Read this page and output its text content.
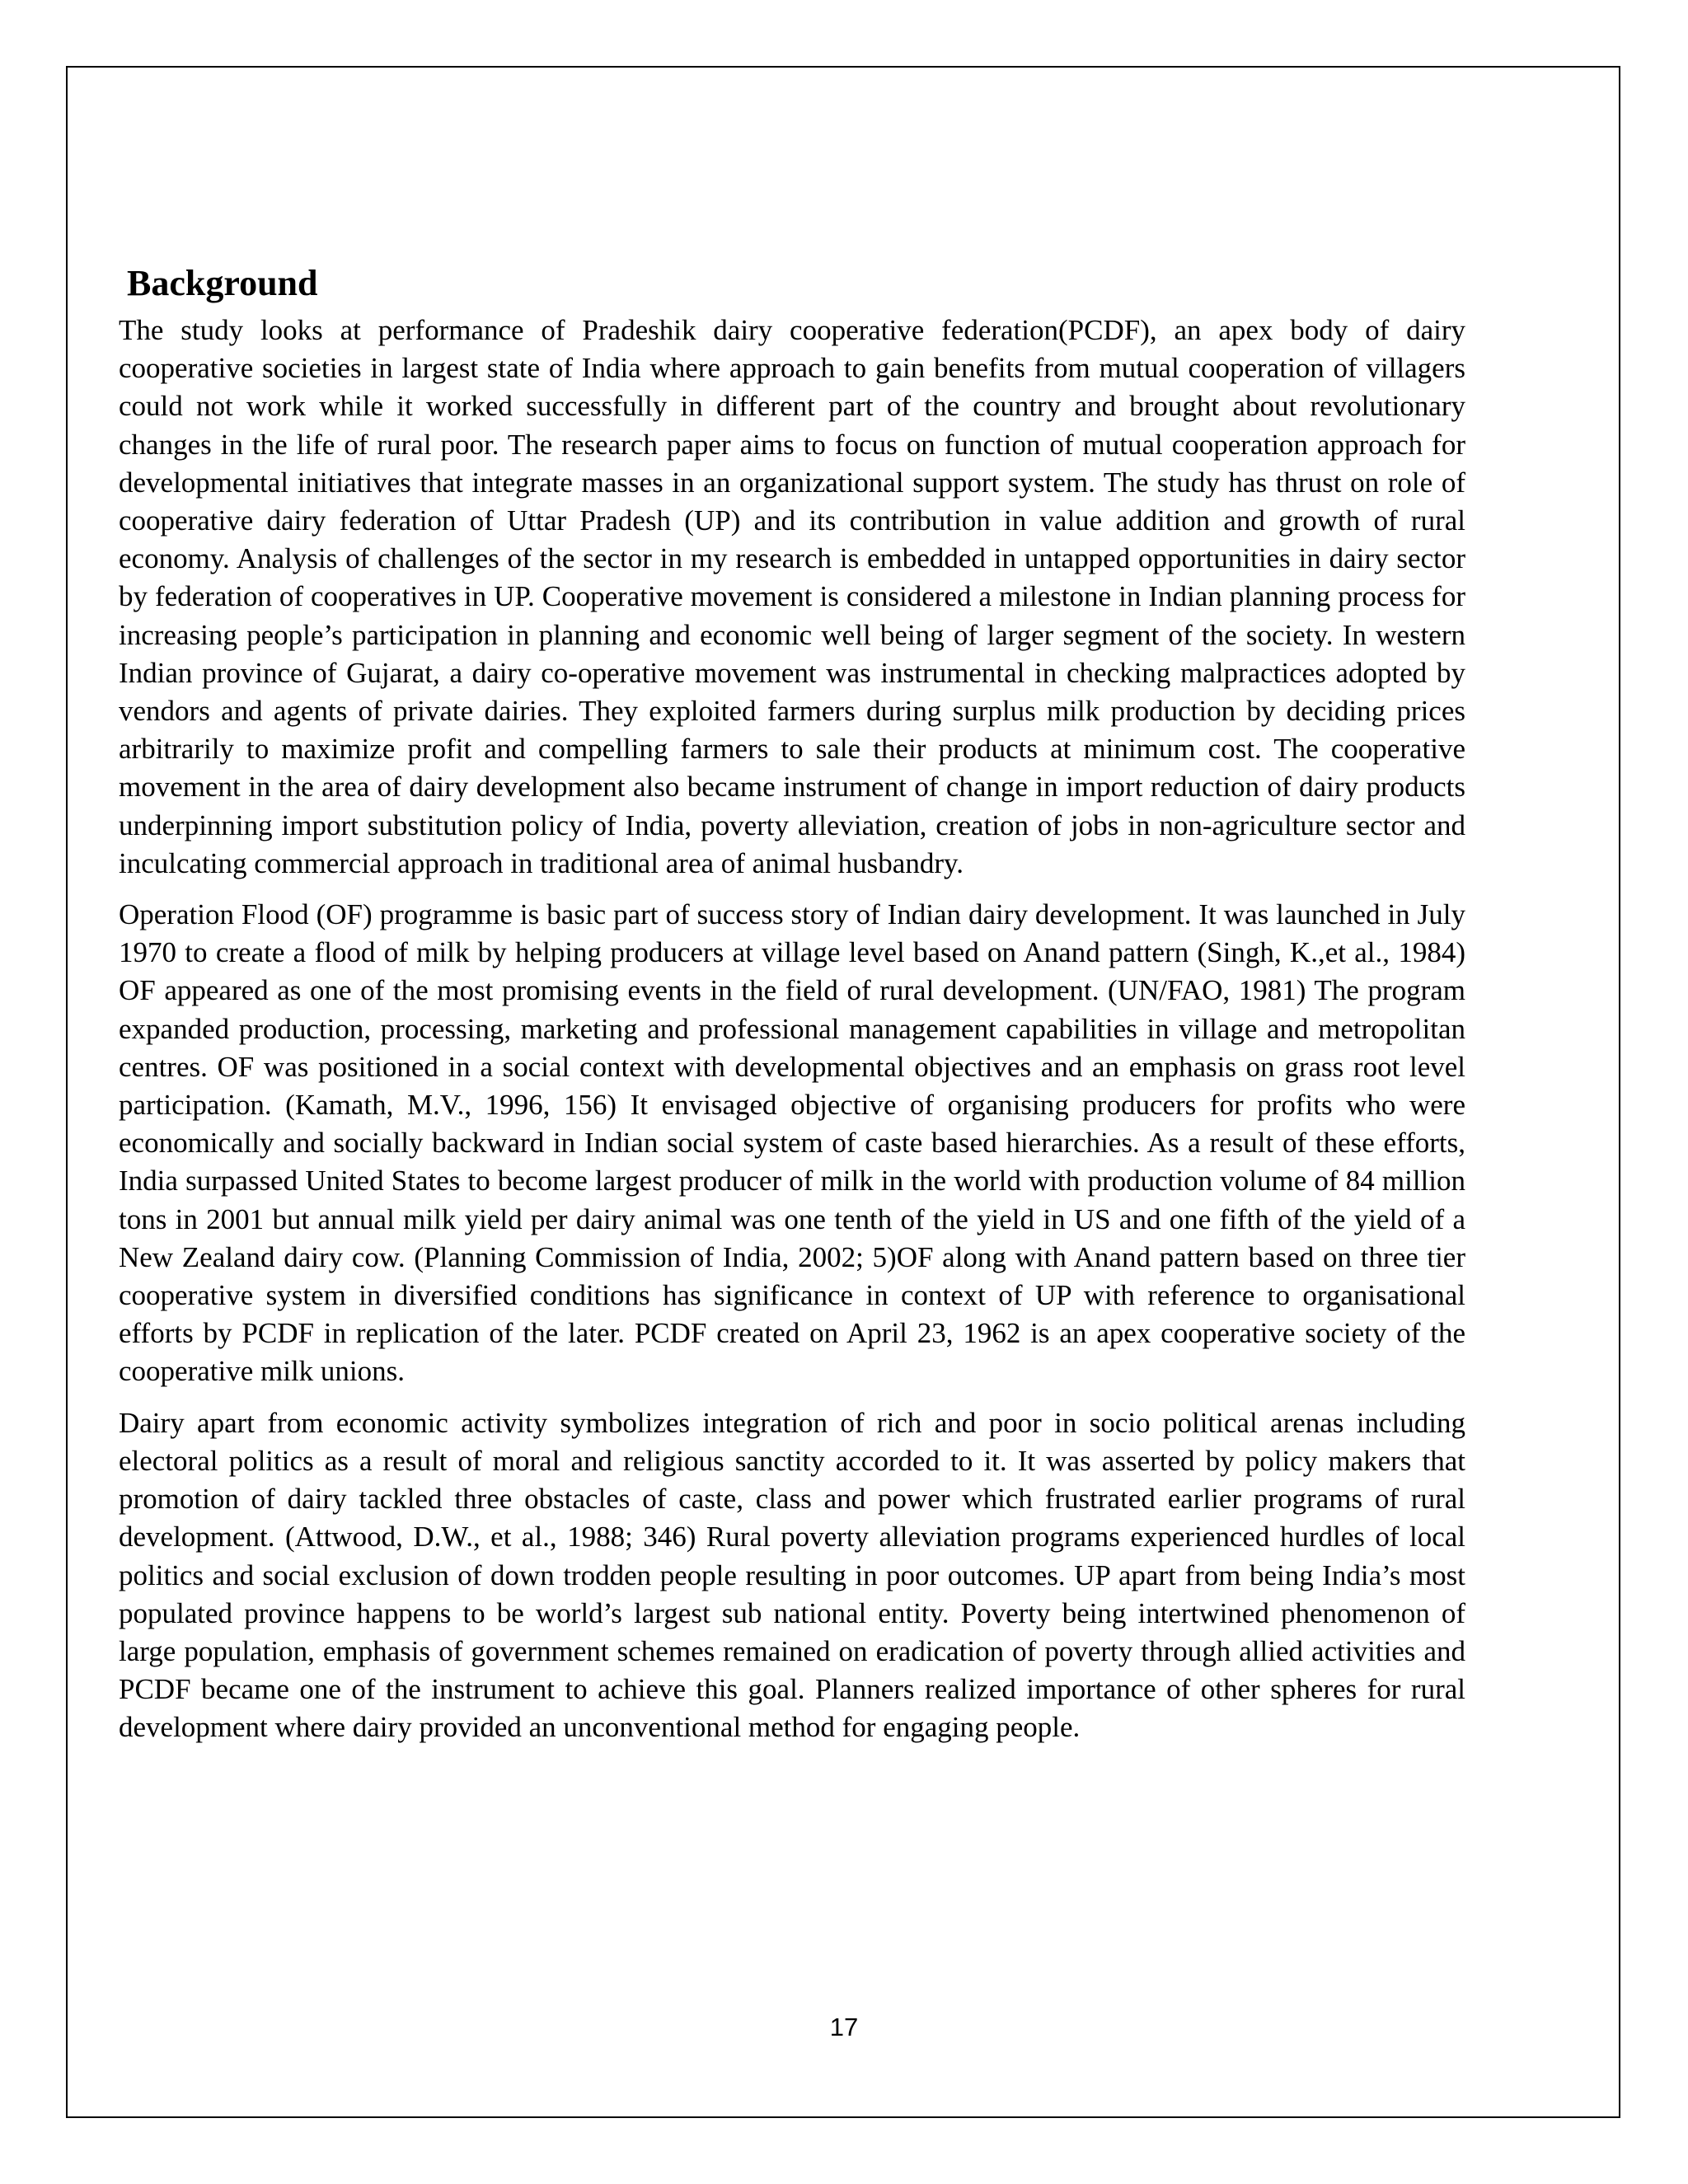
Background

The study looks at performance of Pradeshik dairy cooperative federation(PCDF), an apex body of dairy cooperative societies in largest state of India where approach to gain benefits from mutual cooperation of villagers could not work while it worked successfully in different part of the country and brought about revolutionary changes in the life of rural poor. The research paper aims to focus on function of mutual cooperation approach for developmental initiatives that integrate masses in an organizational support system. The study has thrust on role of cooperative dairy federation of Uttar Pradesh (UP) and its contribution in value addition and growth of rural economy. Analysis of challenges of the sector in my research is embedded in untapped opportunities in dairy sector by federation of cooperatives in UP. Cooperative movement is considered a milestone in Indian planning process for increasing people’s participation in planning and economic well being of larger segment of the society. In western Indian province of Gujarat, a dairy co-operative movement was instrumental in checking malpractices adopted by vendors and agents of private dairies. They exploited farmers during surplus milk production by deciding prices arbitrarily to maximize profit and compelling farmers to sale their products at minimum cost. The cooperative movement in the area of dairy development also became instrument of change in import reduction of dairy products underpinning import substitution policy of India, poverty alleviation, creation of jobs in non-agriculture sector and inculcating commercial approach in traditional area of animal husbandry.

Operation Flood (OF) programme is basic part of success story of Indian dairy development. It was launched in July 1970 to create a flood of milk by helping producers at village level based on Anand pattern (Singh, K.,et al., 1984) OF appeared as one of the most promising events in the field of rural development. (UN/FAO, 1981) The program expanded production, processing, marketing and professional management capabilities in village and metropolitan centres. OF was positioned in a social context with developmental objectives and an emphasis on grass root level participation. (Kamath, M.V., 1996, 156) It envisaged objective of organising producers for profits who were economically and socially backward in Indian social system of caste based hierarchies. As a result of these efforts, India surpassed United States to become largest producer of milk in the world with production volume of 84 million tons in 2001 but annual milk yield per dairy animal was one tenth of the yield in US and one fifth of the yield of a New Zealand dairy cow. (Planning Commission of India, 2002; 5)OF along with Anand pattern based on three tier cooperative system in diversified conditions has significance in context of UP with reference to organisational efforts by PCDF in replication of the later. PCDF created on April 23, 1962 is an apex cooperative society of the cooperative milk unions.

Dairy apart from economic activity symbolizes integration of rich and poor in socio political arenas including electoral politics as a result of moral and religious sanctity accorded to it. It was asserted by policy makers that promotion of dairy tackled three obstacles of caste, class and power which frustrated earlier programs of rural development. (Attwood, D.W., et al., 1988; 346) Rural poverty alleviation programs experienced hurdles of local politics and social exclusion of down trodden people resulting in poor outcomes. UP apart from being India’s most populated province happens to be world’s largest sub national entity. Poverty being intertwined phenomenon of large population, emphasis of government schemes remained on eradication of poverty through allied activities and PCDF became one of the instrument to achieve this goal. Planners realized importance of other spheres for rural development where dairy provided an unconventional method for engaging people.

17
